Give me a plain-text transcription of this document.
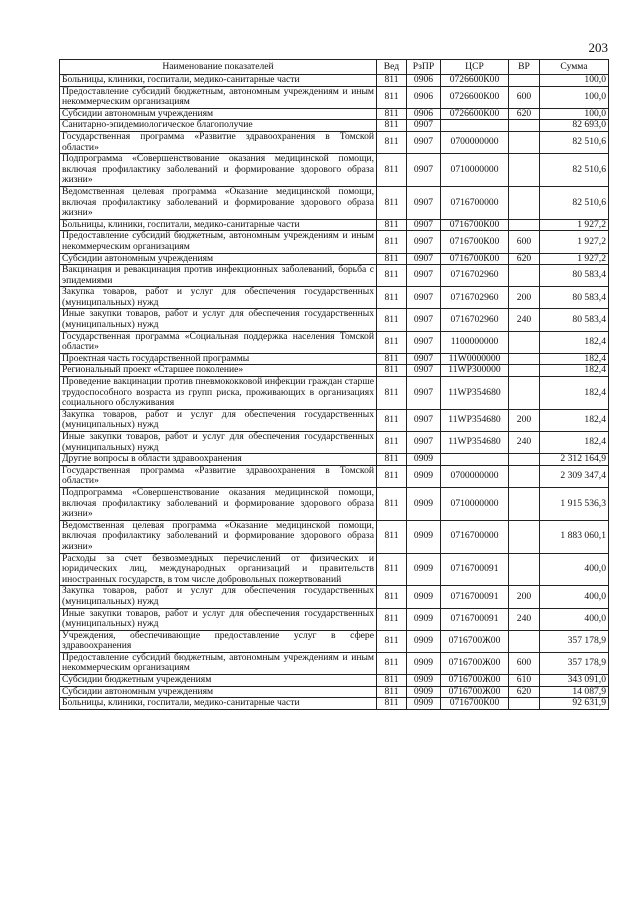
203
Наименование показателей	Вед	РзПР	ЦСР	ВР	Сумма
Больницы, клиники, госпитали, медико-санитарные части	811	0906	0726600К00		100,0
Предоставление субсидий бюджетным, автономным учреждениям и иным некоммерческим организациям	811	0906	0726600К00	600	100,0
Субсидии автономным учреждениям	811	0906	0726600К00	620	100,0
Санитарно-эпидемиологическое благополучие	811	0907			82 693,0
Государственная программа «Развитие здравоохранения в Томской области»	811	0907	0700000000		82 510,6
Подпрограмма «Совершенствование оказания медицинской помощи, включая профилактику заболеваний и формирование здорового образа жизни»	811	0907	0710000000		82 510,6
Ведомственная целевая программа «Оказание медицинской помощи, включая профилактику заболеваний и формирование здорового образа жизни»	811	0907	0716700000		82 510,6
Больницы, клиники, госпитали, медико-санитарные части	811	0907	0716700К00		1 927,2
Предоставление субсидий бюджетным, автономным учреждениям и иным некоммерческим организациям	811	0907	0716700К00	600	1 927,2
Субсидии автономным учреждениям	811	0907	0716700К00	620	1 927,2
Вакцинация и ревакцинация против инфекционных заболеваний, борьба с эпидемиями	811	0907	0716702960		80 583,4
Закупка товаров, работ и услуг для обеспечения государственных (муниципальных) нужд	811	0907	0716702960	200	80 583,4
Иные закупки товаров, работ и услуг для обеспечения государственных (муниципальных) нужд	811	0907	0716702960	240	80 583,4
Государственная программа «Социальная поддержка населения Томской области»	811	0907	1100000000		182,4
Проектная часть государственной программы	811	0907	11W0000000		182,4
Региональный проект «Старшее поколение»	811	0907	11WP300000		182,4
Проведение вакцинации против пневмококковой инфекции граждан старше трудоспособного возраста из групп риска, проживающих в организациях социального обслуживания	811	0907	11WP354680		182,4
Закупка товаров, работ и услуг для обеспечения государственных (муниципальных) нужд	811	0907	11WP354680	200	182,4
Иные закупки товаров, работ и услуг для обеспечения государственных (муниципальных) нужд	811	0907	11WP354680	240	182,4
Другие вопросы в области здравоохранения	811	0909			2 312 164,9
Государственная программа «Развитие здравоохранения в Томской области»	811	0909	0700000000		2 309 347,4
Подпрограмма «Совершенствование оказания медицинской помощи, включая профилактику заболеваний и формирование здорового образа жизни»	811	0909	0710000000		1 915 536,3
Ведомственная целевая программа «Оказание медицинской помощи, включая профилактику заболеваний и формирование здорового образа жизни»	811	0909	0716700000		1 883 060,1
Расходы за счет безвозмездных перечислений от физических и юридических лиц, международных организаций и правительств иностранных государств, в том числе добровольных пожертвований	811	0909	0716700091		400,0
Закупка товаров, работ и услуг для обеспечения государственных (муниципальных) нужд	811	0909	0716700091	200	400,0
Иные закупки товаров, работ и услуг для обеспечения государственных (муниципальных) нужд	811	0909	0716700091	240	400,0
Учреждения, обеспечивающие предоставление услуг в сфере здравоохранения	811	0909	0716700Ж00		357 178,9
Предоставление субсидий бюджетным, автономным учреждениям и иным некоммерческим организациям	811	0909	0716700Ж00	600	357 178,9
Субсидии бюджетным учреждениям	811	0909	0716700Ж00	610	343 091,0
Субсидии автономным учреждениям	811	0909	0716700Ж00	620	14 087,9
Больницы, клиники, госпитали, медико-санитарные части	811	0909	0716700К00		92 631,9
